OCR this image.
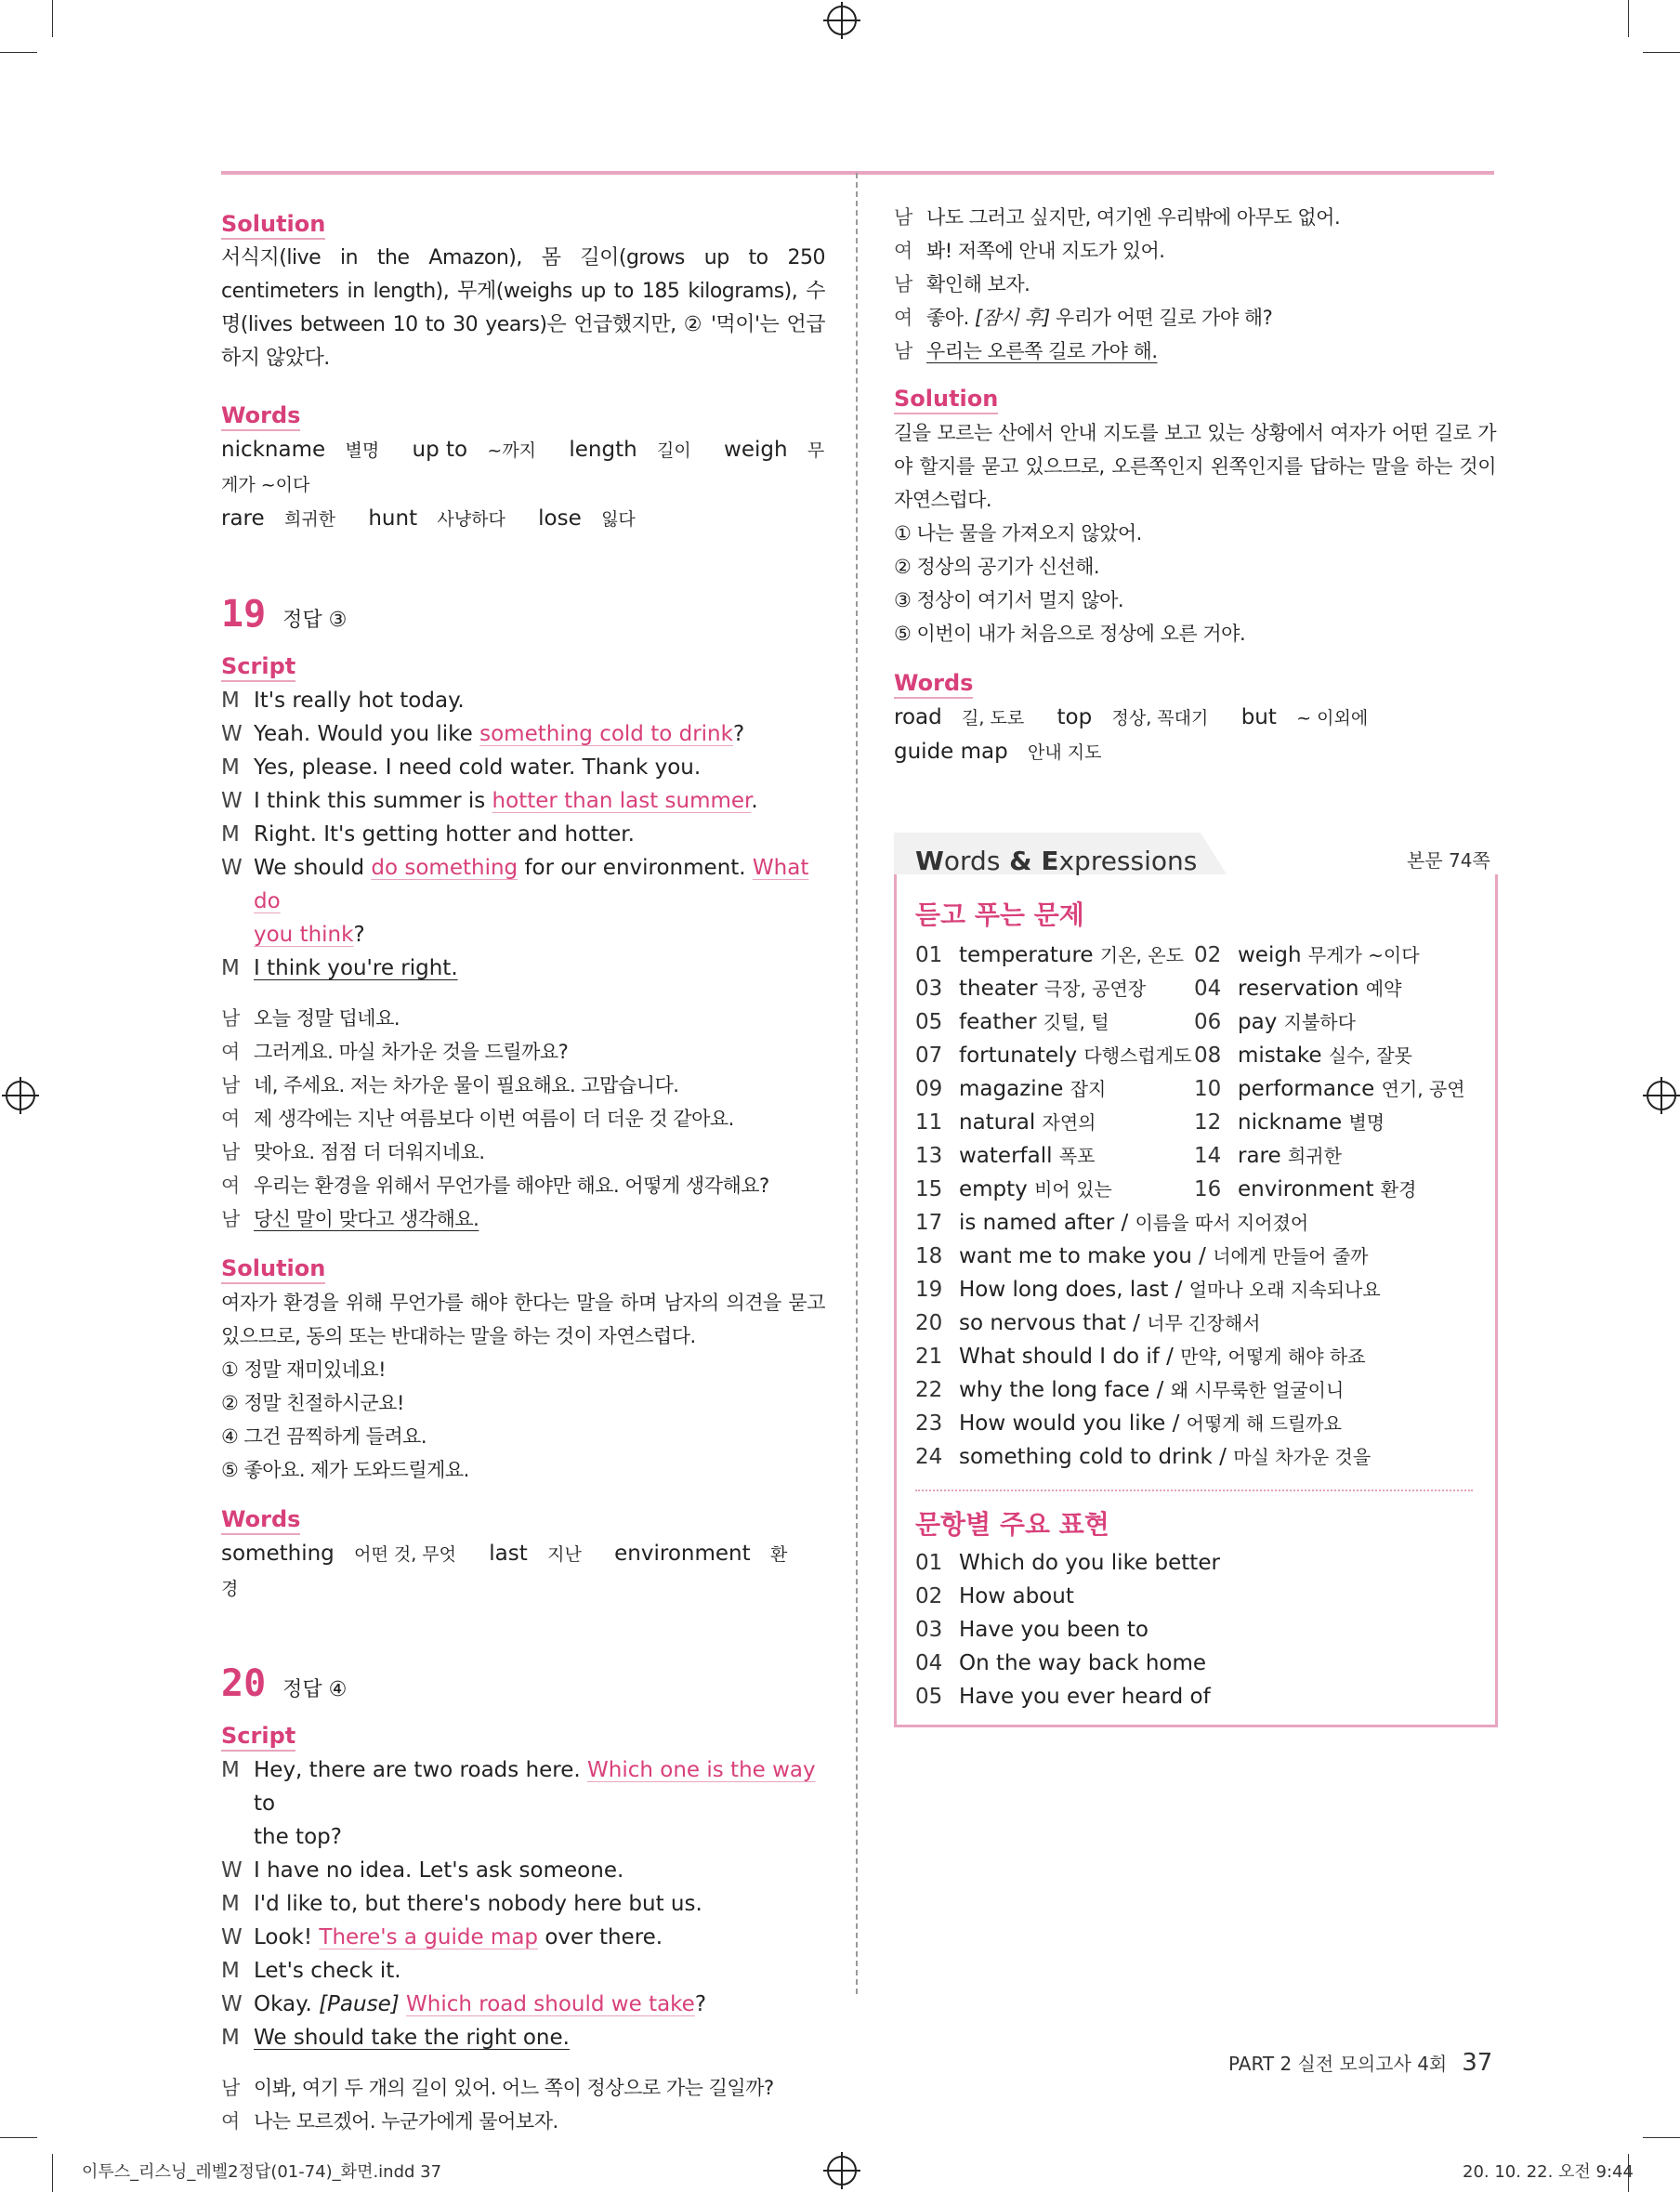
Solution

서식지(live in the Amazon), 몸 길이(grows up to 250 centimeters in length), 무게(weighs up to 185 kilograms), 수명(lives between 10 to 30 years)은 언급했지만, ② '먹이'는 언급하지 않았다.

Words
nickname 별명 up to ~까지 length 길이 weigh 무게가 ~이다
rare 희귀한 hunt 사냥하다 lose 잃다
19 정답 ③
Script
M It's really hot today.
W Yeah. Would you like something cold to drink?
M Yes, please. I need cold water. Thank you.
W I think this summer is hotter than last summer.
M Right. It's getting hotter and hotter.
W We should do something for our environment. What do
you think?
M I think you're right.
남 오늘 정말 덥네요.
여 그러게요. 마실 차가운 것을 드릴까요?
남 네, 주세요. 저는 차가운 물이 필요해요. 고맙습니다.
여 제 생각에는 지난 여름보다 이번 여름이 더 더운 것 같아요.
남 맞아요. 점점 더 더워지네요.
여 우리는 환경을 위해서 무언가를 해야만 해요. 어떻게 생각해요?
남 당신 말이 맞다고 생각해요.
Solution

여자가 환경을 위해 무언가를 해야 한다는 말을 하며 남자의 의견을 묻고 있으므로, 동의 또는 반대하는 말을 하는 것이 자연스럽다.

① 정말 재미있네요!
② 정말 친절하시군요!
④ 그건 끔찍하게 들려요.
⑤ 좋아요. 제가 도와드릴게요.
Words
something 어떤 것, 무엇 last 지난 environment 환경
20 정답 ④
Script
M Hey, there are two roads here. Which one is the way to
the top?
W I have no idea. Let's ask someone.
M I'd like to, but there's nobody here but us.
W Look! There's a guide map over there.
M Let's check it.
W Okay. [Pause] Which road should we take?
M We should take the right one.
남 이봐, 여기 두 개의 길이 있어. 어느 쪽이 정상으로 가는 길일까?
여 나는 모르겠어. 누군가에게 물어보자.
남 나도 그러고 싶지만, 여기엔 우리밖에 아무도 없어.
여 봐! 저쪽에 안내 지도가 있어.
남 확인해 보자.
여 좋아. [잠시 후] 우리가 어떤 길로 가야 해?
남 우리는 오른쪽 길로 가야 해.
Solution

길을 모르는 산에서 안내 지도를 보고 있는 상황에서 여자가 어떤 길로 가야 할지를 묻고 있으므로, 오른쪽인지 왼쪽인지를 답하는 말을 하는 것이 자연스럽다.

① 나는 물을 가져오지 않았어.
② 정상의 공기가 신선해.
③ 정상이 여기서 멀지 않아.
⑤ 이번이 내가 처음으로 정상에 오른 거야.
Words
road 길, 도로 top 정상, 꼭대기 but ~ 이외에
guide map 안내 지도
Words & Expressions	본문 74쪽
듣고 푸는 문제
01 temperature 기온, 온도 02 weigh 무게가 ~이다
03 theater 극장, 공연장	04 reservation 예약
05 feather 깃털, 털	06 pay 지불하다
07 fortunately 다행스럽게도 08 mistake 실수, 잘못
09 magazine 잡지	10 performance 연기, 공연
11 natural 자연의	12 nickname 별명
13 waterfall 폭포	14 rare 희귀한
15 empty 비어 있는	16 environment 환경
17 is named after / 이름을 따서 지어졌어
18 want me to make you / 너에게 만들어 줄까
19 How long does, last / 얼마나 오래 지속되나요
20 so nervous that / 너무 긴장해서
21 What should I do if / 만약, 어떻게 해야 하죠
22 why the long face / 왜 시무룩한 얼굴이니
23 How would you like / 어떻게 해 드릴까요
24 something cold to drink / 마실 차가운 것을
문항별 주요 표현
01 Which do you like better
02 How about
03 Have you been to
04 On the way back home
05 Have you ever heard of
PART 2 실전 모의고사 4회 37
이투스_리스닝_레벨2정답(01-74)_화면.indd 37	20. 10. 22. 오전 9:44
